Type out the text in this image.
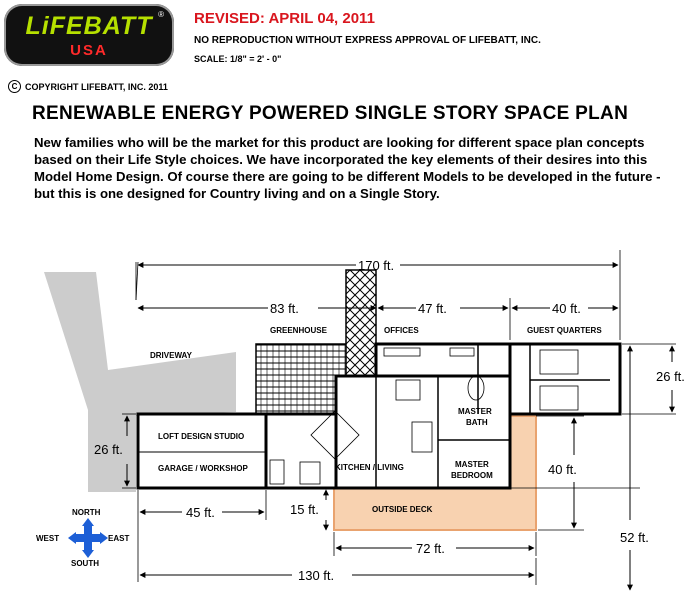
LiFEBATT ®
USA
REVISED: APRIL 04, 2011
NO REPRODUCTION WITHOUT EXPRESS APPROVAL OF LIFEBATT, INC.
SCALE: 1/8" = 2' - 0"
C COPYRIGHT LIFEBATT, INC. 2011
RENEWABLE ENERGY POWERED SINGLE STORY SPACE PLAN
New families who will be the market for this product are looking for different space plan concepts based on their Life Style choices. We have incorporated the key elements of their desires into this Model Home Design. Of course there are going to be different Models to be developed in the future - but this is one designed for Country living and on a Single Story.
DRIVEWAY
OUTSIDE DECK
GREENHOUSE
LOFT DESIGN STUDIO
GARAGE / WORKSHOP
OFFICES	GUEST QUARTERS
KITCHEN / LIVING
MASTER
BATH
MASTER
BEDROOM
170 ft.
83 ft.	47 ft.	40 ft.
26 ft.
26 ft.
40 ft.
52 ft.
45 ft.	15 ft.
72 ft.
130 ft.
NORTH
SOUTH
WEST	EAST
